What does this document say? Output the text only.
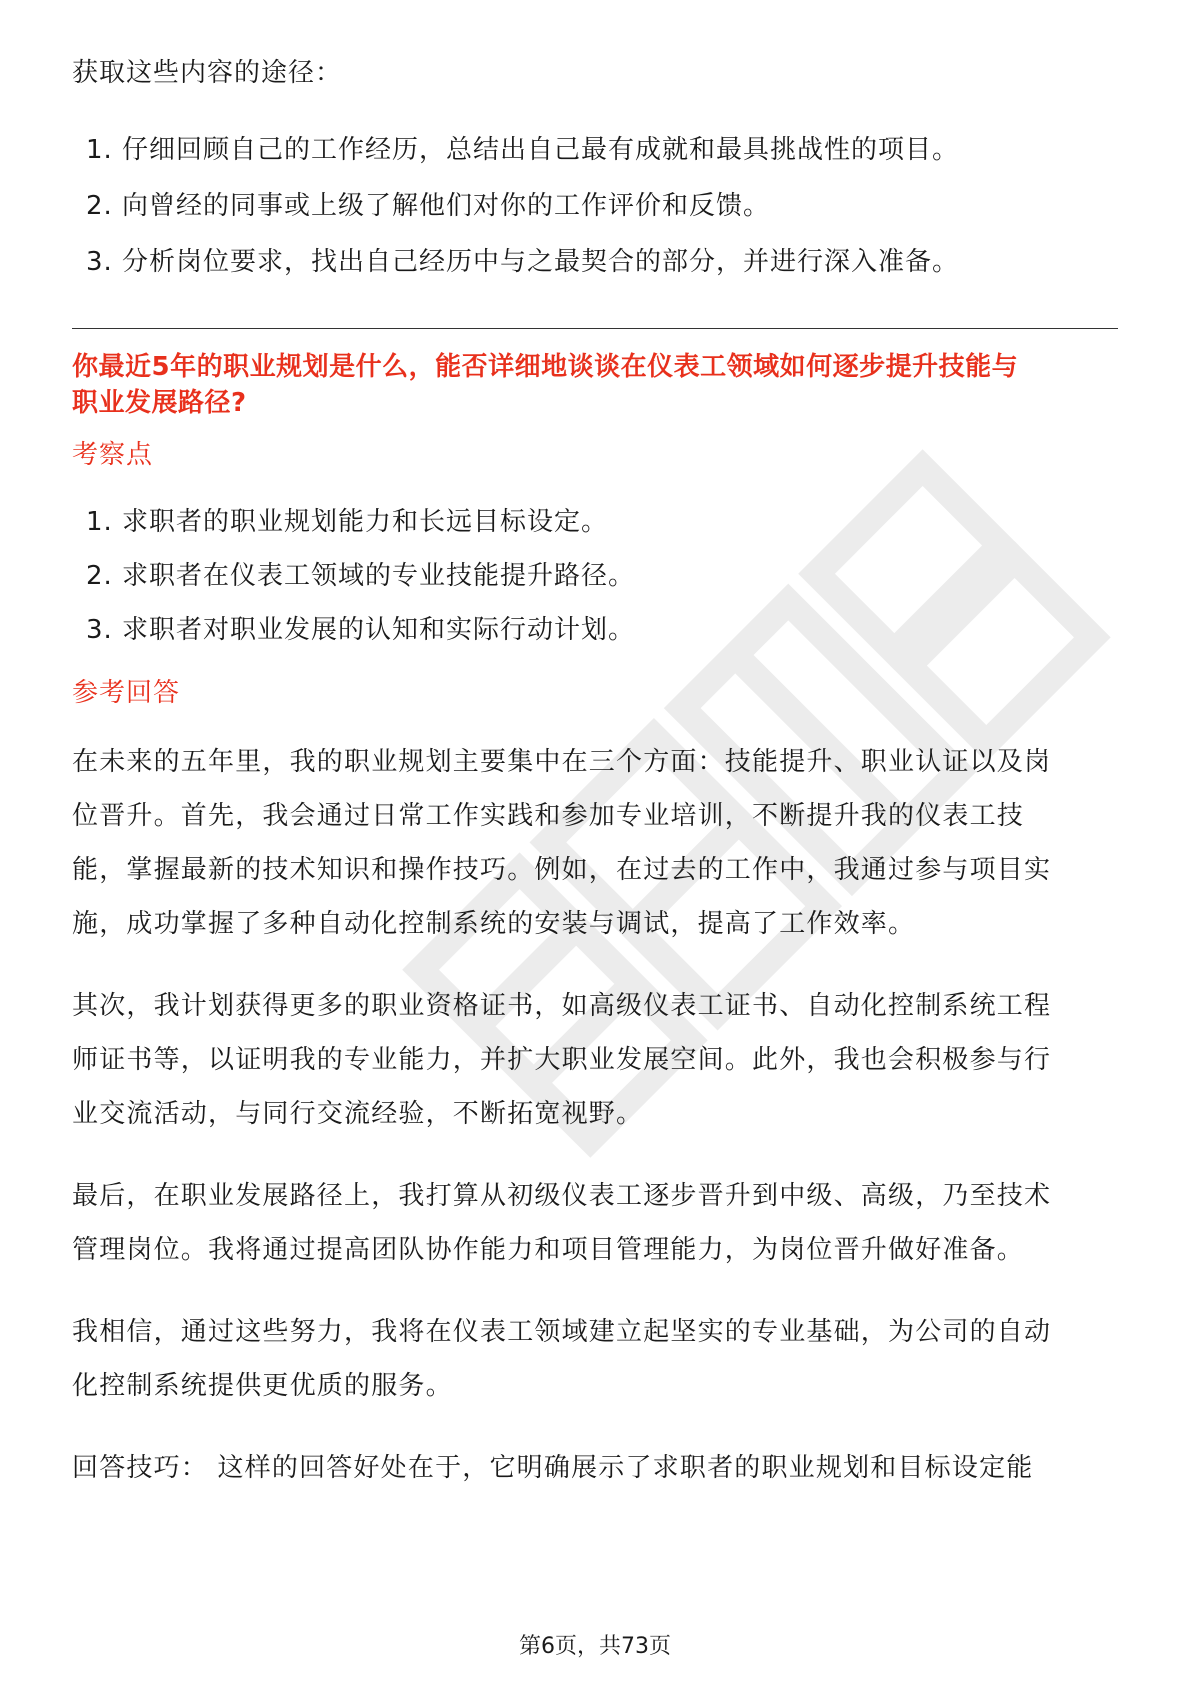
获取这些内容的途径：

1. 仔细回顾自己的工作经历，总结出自己最有成就和最具挑战性的项目。
2. 向曾经的同事或上级了解他们对你的工作评价和反馈。
3. 分析岗位要求，找出自己经历中与之最契合的部分，并进行深入准备。

你最近5年的职业规划是什么，能否详细地谈谈在仪表工领域如何逐步提升技能与
职业发展路径?

考察点

1. 求职者的职业规划能力和长远目标设定。
2. 求职者在仪表工领域的专业技能提升路径。
3. 求职者对职业发展的认知和实际行动计划。

参考回答

在未来的五年里，我的职业规划主要集中在三个方面：技能提升、职业认证以及岗
位晋升。首先，我会通过日常工作实践和参加专业培训，不断提升我的仪表工技
能，掌握最新的技术知识和操作技巧。例如，在过去的工作中，我通过参与项目实
施，成功掌握了多种自动化控制系统的安装与调试，提高了工作效率。

其次，我计划获得更多的职业资格证书，如高级仪表工证书、自动化控制系统工程
师证书等，以证明我的专业能力，并扩大职业发展空间。此外，我也会积极参与行
业交流活动，与同行交流经验，不断拓宽视野。

最后，在职业发展路径上，我打算从初级仪表工逐步晋升到中级、高级，乃至技术
管理岗位。我将通过提高团队协作能力和项目管理能力，为岗位晋升做好准备。

我相信，通过这些努力，我将在仪表工领域建立起坚实的专业基础，为公司的自动
化控制系统提供更优质的服务。

回答技巧： 这样的回答好处在于，它明确展示了求职者的职业规划和目标设定能

第6页，共73页
